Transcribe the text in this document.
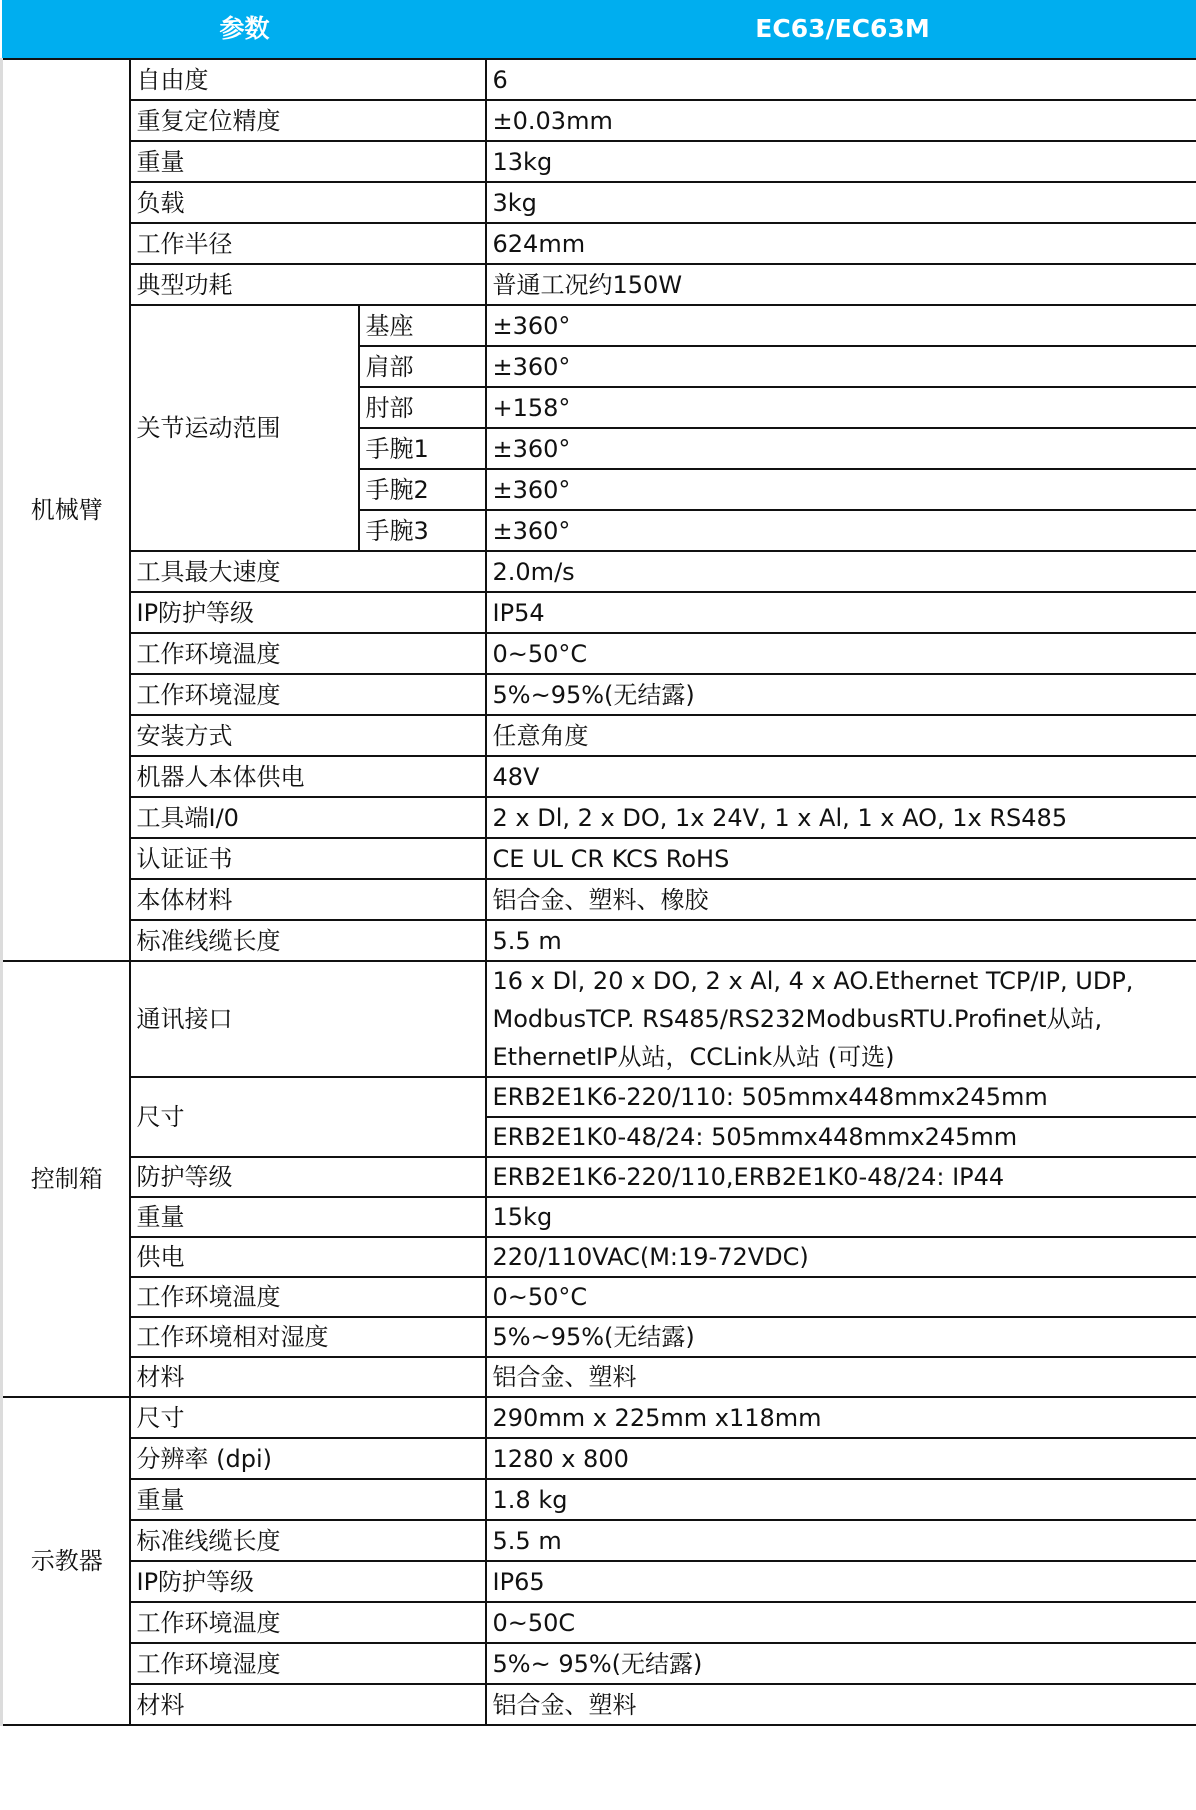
参数			EC63/EC63M
机械臂	自由度		6
	重复定位精度		±0.03mm
	重量		13kg
	负载		3kg
	工作半径		624mm
	典型功耗		普通工况约150W
	关节运动范围	基座	±360°
		肩部	±360°
		肘部	+158°
		手腕1	±360°
		手腕2	±360°
		手腕3	±360°
	工具最大速度		2.0m/s
	IP防护等级		IP54
	工作环境温度		0~50°C
	工作环境湿度		5%~95%(无结露)
	安装方式		任意角度
	机器人本体供电		48V
	工具端I/0		2 x Dl, 2 x DO, 1x 24V, 1 x Al, 1 x AO, 1x RS485
	认证证书		CE UL CR KCS RoHS
	本体材料		铝合金、塑料、橡胶
	标准线缆长度		5.5 m
控制箱	通讯接口		16 x Dl, 20 x DO, 2 x Al, 4 x AO.Ethernet TCP/IP, UDP,
ModbusTCP. RS485/RS232ModbusRTU.Profinet从站,
EthernetIP从站，CCLink从站 (可选)

	尺寸		ERB2E1K6-220/110: 505mmx448mmx245mm
			ERB2E1K0-48/24: 505mmx448mmx245mm
	防护等级		ERB2E1K6-220/110,ERB2E1K0-48/24: IP44
	重量		15kg
	供电		220/110VAC(M:19-72VDC)
	工作环境温度		0~50°C
	工作环境相对湿度		5%~95%(无结露)
	材料		铝合金、塑料
示教器	尺寸		290mm x 225mm x118mm
	分辨率 (dpi)		1280 x 800
	重量		1.8 kg
	标准线缆长度		5.5 m
	IP防护等级		IP65
	工作环境温度		0~50C
	工作环境湿度		5%~ 95%(无结露)
	材料		铝合金、塑料
